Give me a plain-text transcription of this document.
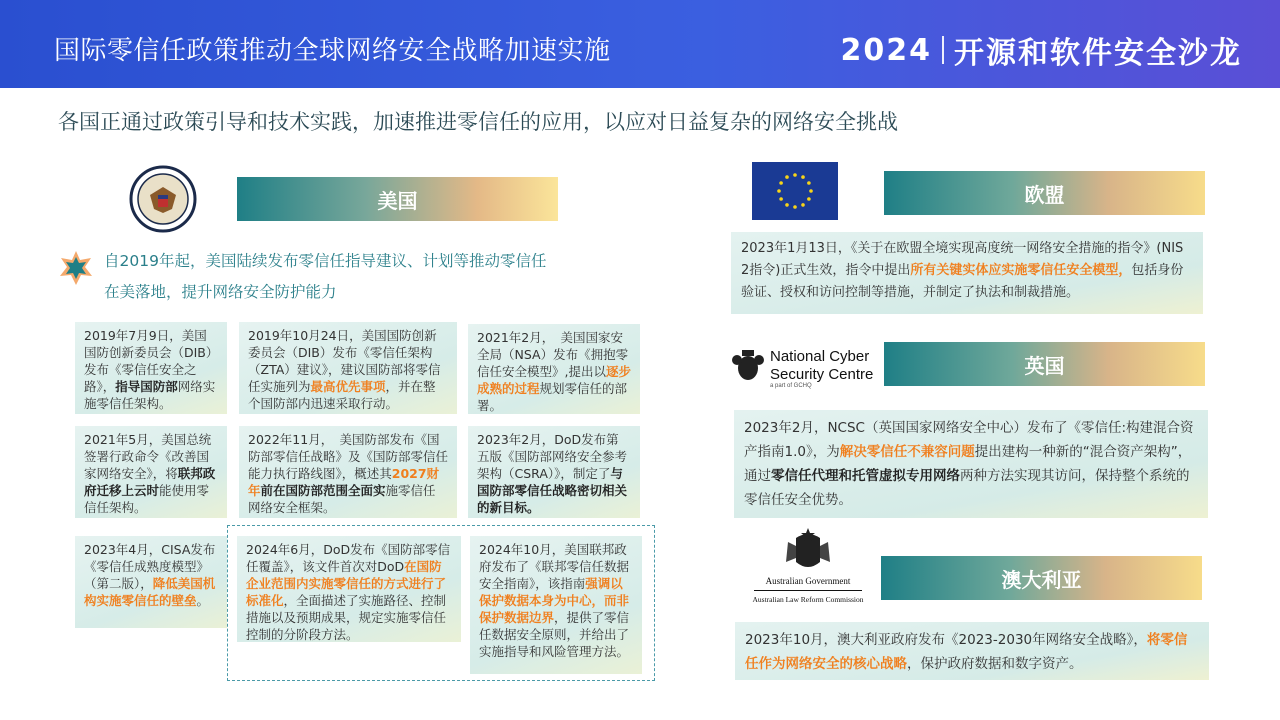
国际零信任政策推动全球网络安全战略加速实施	2024 开源和软件安全沙龙
各国正通过政策引导和技术实践，加速推进零信任的应用，以应对日益复杂的网络安全挑战
美国
自2019年起，美国陆续发布零信任指导建议、计划等推动零信任
在美落地，提升网络安全防护能力
2019年7月9日，美国国防创新委员会（DIB）发布《零信任安全之路》，指导国防部网络实施零信任架构。
2019年10月24日，美国国防创新委员会（DIB）发布《零信任架构（ZTA）建议》，建议国防部将零信任实施列为最高优先事项，并在整个国防部内迅速采取行动。
2021年2月，　美国国家安全局（NSA）发布《拥抱零信任安全模型》,提出以逐步成熟的过程规划零信任的部署。
2021年5月，美国总统签署行政命令《改善国家网络安全》，将联邦政府迁移上云时能使用零信任架构。
2022年11月，　美国防部发布《国防部零信任战略》及《国防部零信任能力执行路线图》，概述其2027财年前在国防部范围全面实施零信任网络安全框架。
2023年2月，DoD发布第五版《国防部网络安全参考架构（CSRA）》，制定了与国防部零信任战略密切相关的新目标。
2023年4月，CISA发布《零信任成熟度模型》（第二版），降低美国机构实施零信任的壁垒。
2024年6月，DoD发布《国防部零信任覆盖》，该文件首次对DoD在国防企业范围内实施零信任的方式进行了标准化，全面描述了实施路径、控制措施以及预期成果，规定实施零信任控制的分阶段方法。
2024年10月，美国联邦政府发布了《联邦零信任数据安全指南》，该指南强调以保护数据本身为中心，而非保护数据边界，提供了零信任数据安全原则，并给出了实施指导和风险管理方法。
欧盟
2023年1月13日，《关于在欧盟全境实现高度统一网络安全措施的指令》(NIS 2指令)正式生效，指令中提出所有关键实体应实施零信任安全模型，包括身份验证、授权和访问控制等措施，并制定了执法和制裁措施。
National Cyber
Security Centre
a part of GCHQ
英国
2023年2月，NCSC（英国国家网络安全中心）发布了《零信任:构建混合资产指南1.0》，为解决零信任不兼容问题提出建构一种新的“混合资产架构”，通过零信任代理和托管虚拟专用网络两种方法实现其访问，保持整个系统的零信任安全优势。
Australian Government
Australian Law Reform Commission
澳大利亚
2023年10月，澳大利亚政府发布《2023-2030年网络安全战略》，将零信任作为网络安全的核心战略，保护政府数据和数字资产。
